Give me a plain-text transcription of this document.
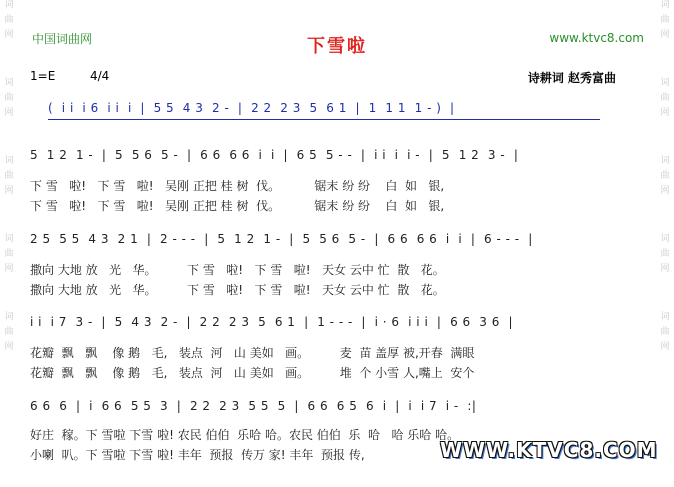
词
曲
网

词
曲
网

词
曲
网

词
曲
网

词
曲
网
词
曲
网

词
曲
网

词
曲
网

词
曲
网

词
曲
网
中国词曲网	www.ktvc8.com
下雪啦
1=E	4/4	诗耕词 赵秀富曲
(  i i  i 6  i i  i  |  5 5  4 3  2 -  |  2 2  2 3  5  6 1  |  1  1 1  1 - )  |
5  1 2  1 -  |  5  5 6  5 -  |  6 6  6 6  i  i  |  6 5  5 - -  |  i i  i  i -  |  5  1 2  3 -  |
下 雪   啦!   下 雪   啦!   吴刚 正把 桂 树  伐。         锯末 纷 纷    白  如   银,
下 雪   啦!   下 雪   啦!   吴刚 正把 桂 树  伐。         锯末 纷 纷    白  如   银,
2 5  5 5  4 3  2 1  |  2 - - -  |  5  1 2  1 -  |  5  5 6  5 -  |  6 6  6 6  i  i  |  6 - - -  |
撒向 大地 放   光   华。        下 雪   啦!   下 雪   啦!   天女 云中 忙  散   花。
撒向 大地 放   光   华。        下 雪   啦!   下 雪   啦!   天女 云中 忙  散   花。
i i  i 7  3 -  |  5  4 3  2 -  |  2 2  2 3  5  6 1  |  1 - - -  |  i · 6  i i i  |  6 6  3 6  |
花瓣  飘   飘    像 鹅   毛,   装点  河   山 美如   画。        麦  苗 盖厚 被,开春  满眼
花瓣  飘   飘    像 鹅   毛,   装点  河   山 美如   画。        堆  个 小雪 人,嘴上  安个
6 6  6  |  i  6 6  5 5  3  |  2 2  2 3  5 5  5  |  6 6  6 5  6  i  |  i  i 7  i -  :|
好庄  稼。下 雪啦 下雪 啦! 农民 伯伯  乐哈 哈。农民 伯伯  乐  哈   哈 乐哈 哈。
小喇  叭。下 雪啦 下雪 啦! 丰年  预报  传万 家! 丰年  预报 传,	WWW.KTVC8.COM
